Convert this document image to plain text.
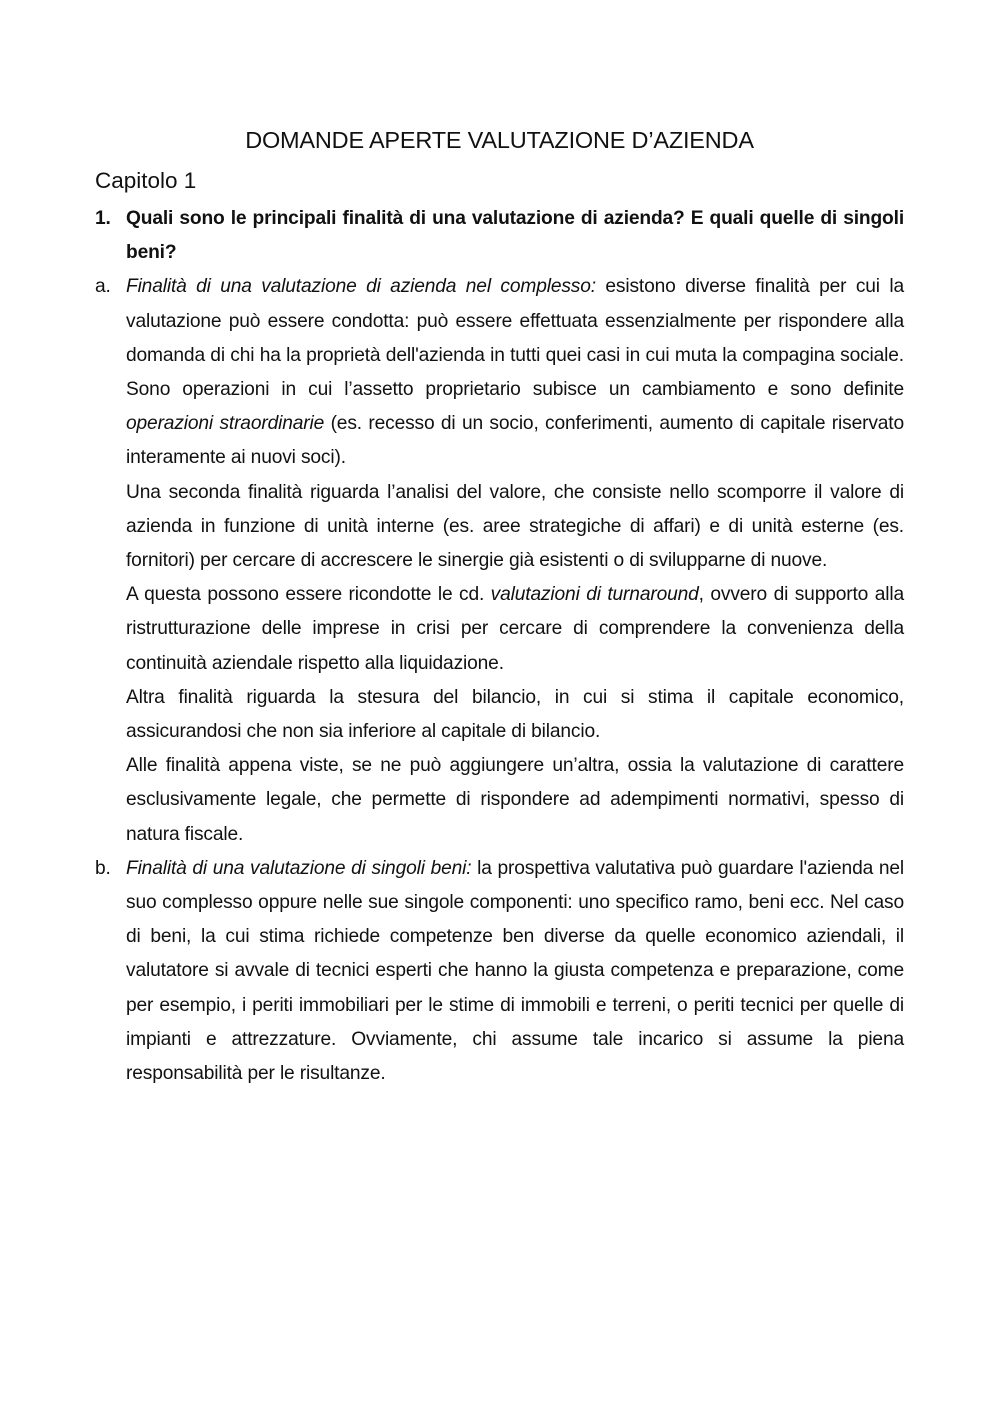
DOMANDE APERTE VALUTAZIONE D’AZIENDA
Capitolo 1
1. Quali sono le principali finalità di una valutazione di azienda? E quali quelle di singoli beni?
a. Finalità di una valutazione di azienda nel complesso: esistono diverse finalità per cui la valutazione può essere condotta: può essere effettuata essenzialmente per rispondere alla domanda di chi ha la proprietà dell'azienda in tutti quei casi in cui muta la compagina sociale. Sono operazioni in cui l’assetto proprietario subisce un cambiamento e sono definite operazioni straordinarie (es. recesso di un socio, conferimenti, aumento di capitale riservato interamente ai nuovi soci).

Una seconda finalità riguarda l’analisi del valore, che consiste nello scomporre il valore di azienda in funzione di unità interne (es. aree strategiche di affari) e di unità esterne (es. fornitori) per cercare di accrescere le sinergie già esistenti o di svilupparne di nuove.

A questa possono essere ricondotte le cd. valutazioni di turnaround, ovvero di supporto alla ristrutturazione delle imprese in crisi per cercare di comprendere la convenienza della continuità aziendale rispetto alla liquidazione.

Altra finalità riguarda la stesura del bilancio, in cui si stima il capitale economico, assicurandosi che non sia inferiore al capitale di bilancio.

Alle finalità appena viste, se ne può aggiungere un’altra, ossia la valutazione di carattere esclusivamente legale, che permette di rispondere ad adempimenti normativi, spesso di natura fiscale.

b. Finalità di una valutazione di singoli beni: la prospettiva valutativa può guardare l'azienda nel suo complesso oppure nelle sue singole componenti: uno specifico ramo, beni ecc. Nel caso di beni, la cui stima richiede competenze ben diverse da quelle economico aziendali, il valutatore si avvale di tecnici esperti che hanno la giusta competenza e preparazione, come per esempio, i periti immobiliari per le stime di immobili e terreni, o periti tecnici per quelle di impianti e attrezzature. Ovviamente, chi assume tale incarico si assume la piena responsabilità per le risultanze.
